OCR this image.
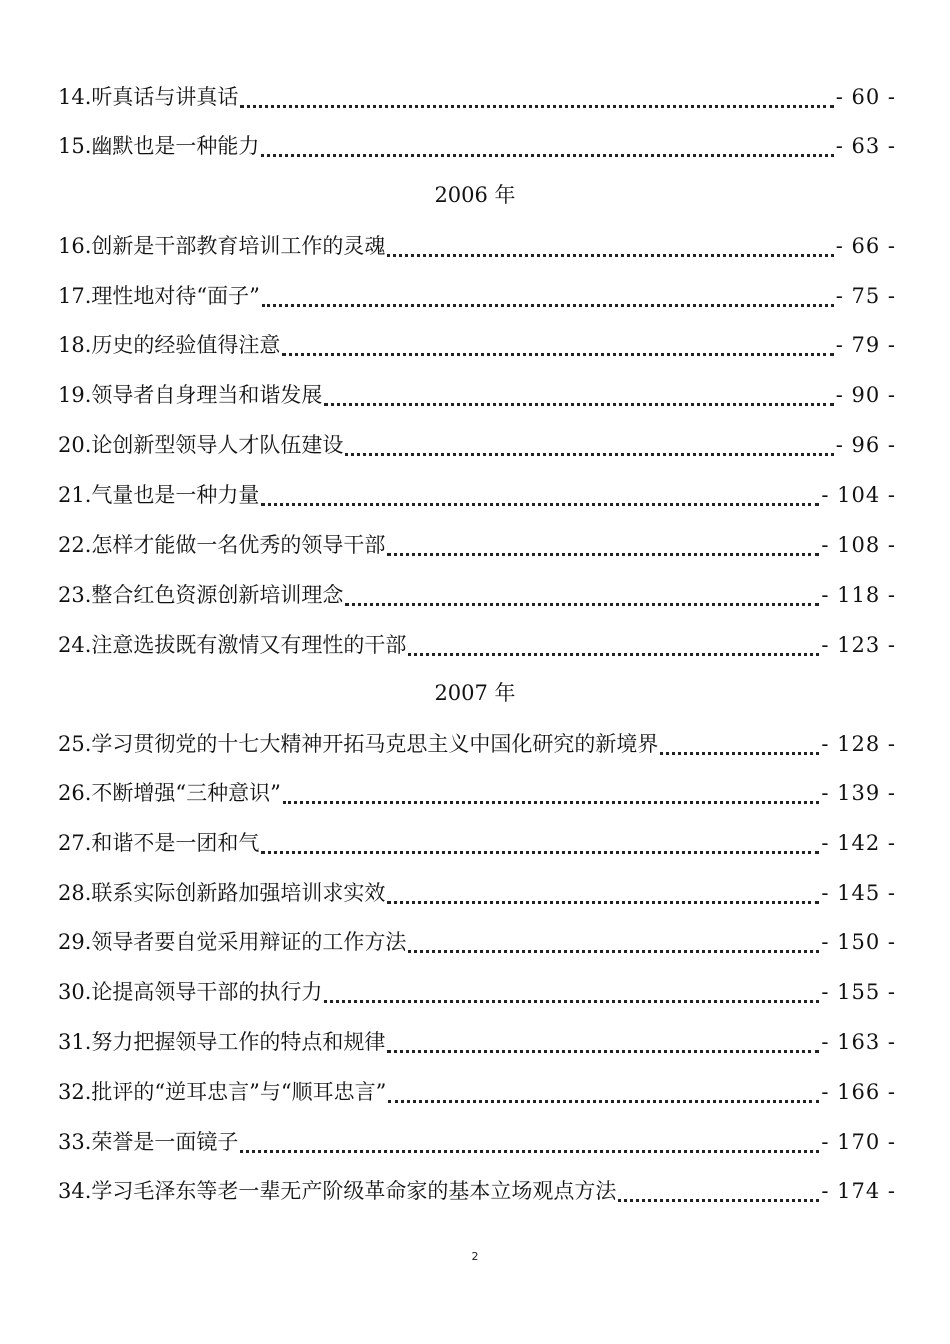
14.听真话与讲真话	- 60 -
15.幽默也是一种能力	- 63 -
2006 年
16.创新是干部教育培训工作的灵魂	- 66 -
17.理性地对待“面子”	- 75 -
18.历史的经验值得注意	- 79 -
19.领导者自身理当和谐发展	- 90 -
20.论创新型领导人才队伍建设	- 96 -
21.气量也是一种力量	- 104 -
22.怎样才能做一名优秀的领导干部	- 108 -
23.整合红色资源创新培训理念	- 118 -
24.注意选拔既有激情又有理性的干部	- 123 -
2007 年
25.学习贯彻党的十七大精神开拓马克思主义中国化研究的新境界	- 128 -
26.不断增强“三种意识”	- 139 -
27.和谐不是一团和气	- 142 -
28.联系实际创新路加强培训求实效	- 145 -
29.领导者要自觉采用辩证的工作方法	- 150 -
30.论提高领导干部的执行力	- 155 -
31.努力把握领导工作的特点和规律	- 163 -
32.批评的“逆耳忠言”与“顺耳忠言”	- 166 -
33.荣誉是一面镜子	- 170 -
34.学习毛泽东等老一辈无产阶级革命家的基本立场观点方法	- 174 -
2
